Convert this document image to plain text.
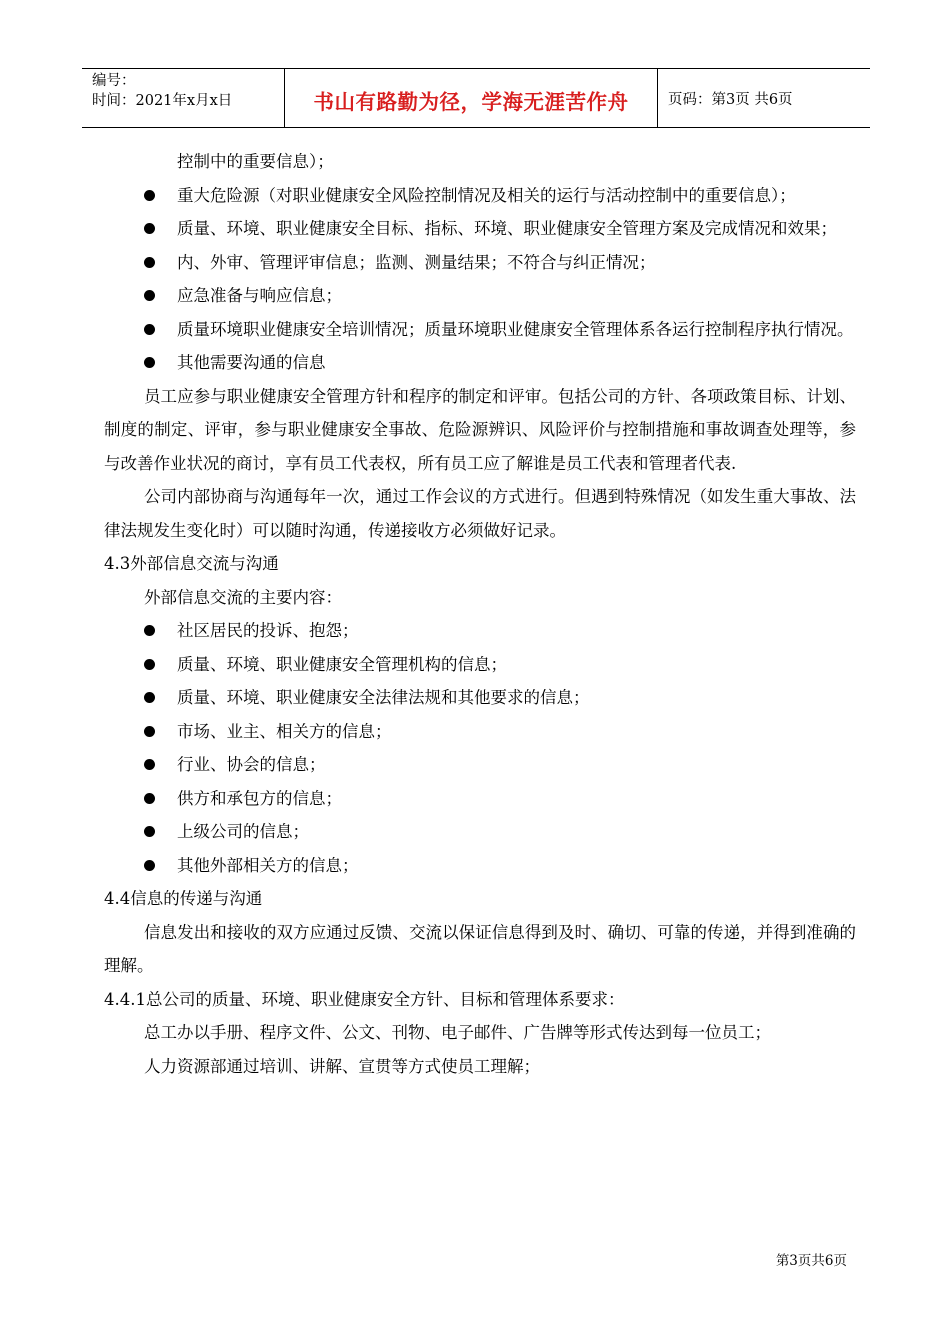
编号：
时间：2021年x月x日	书山有路勤为径，学海无涯苦作舟	页码：第3页 共6页
控制中的重要信息）；
重大危险源（对职业健康安全风险控制情况及相关的运行与活动控制中的重要信息）；
质量、环境、职业健康安全目标、指标、环境、职业健康安全管理方案及完成情况和效果；
内、外审、管理评审信息；监测、测量结果；不符合与纠正情况；
应急准备与响应信息；
质量环境职业健康安全培训情况；质量环境职业健康安全管理体系各运行控制程序执行情况。
其他需要沟通的信息
员工应参与职业健康安全管理方针和程序的制定和评审。包括公司的方针、各项政策目标、计划、制度的制定、评审，参与职业健康安全事故、危险源辨识、风险评价与控制措施和事故调查处理等，参与改善作业状况的商讨，享有员工代表权，所有员工应了解谁是员工代表和管理者代表.
公司内部协商与沟通每年一次，通过工作会议的方式进行。但遇到特殊情况（如发生重大事故、法律法规发生变化时）可以随时沟通，传递接收方必须做好记录。
4.3外部信息交流与沟通
外部信息交流的主要内容：
社区居民的投诉、抱怨；
质量、环境、职业健康安全管理机构的信息；
质量、环境、职业健康安全法律法规和其他要求的信息；
市场、业主、相关方的信息；
行业、协会的信息；
供方和承包方的信息；
上级公司的信息；
其他外部相关方的信息；
4.4信息的传递与沟通
信息发出和接收的双方应通过反馈、交流以保证信息得到及时、确切、可靠的传递，并得到准确的理解。
4.4.1总公司的质量、环境、职业健康安全方针、目标和管理体系要求：
总工办以手册、程序文件、公文、刊物、电子邮件、广告牌等形式传达到每一位员工；
人力资源部通过培训、讲解、宣贯等方式使员工理解；
第3页共6页
